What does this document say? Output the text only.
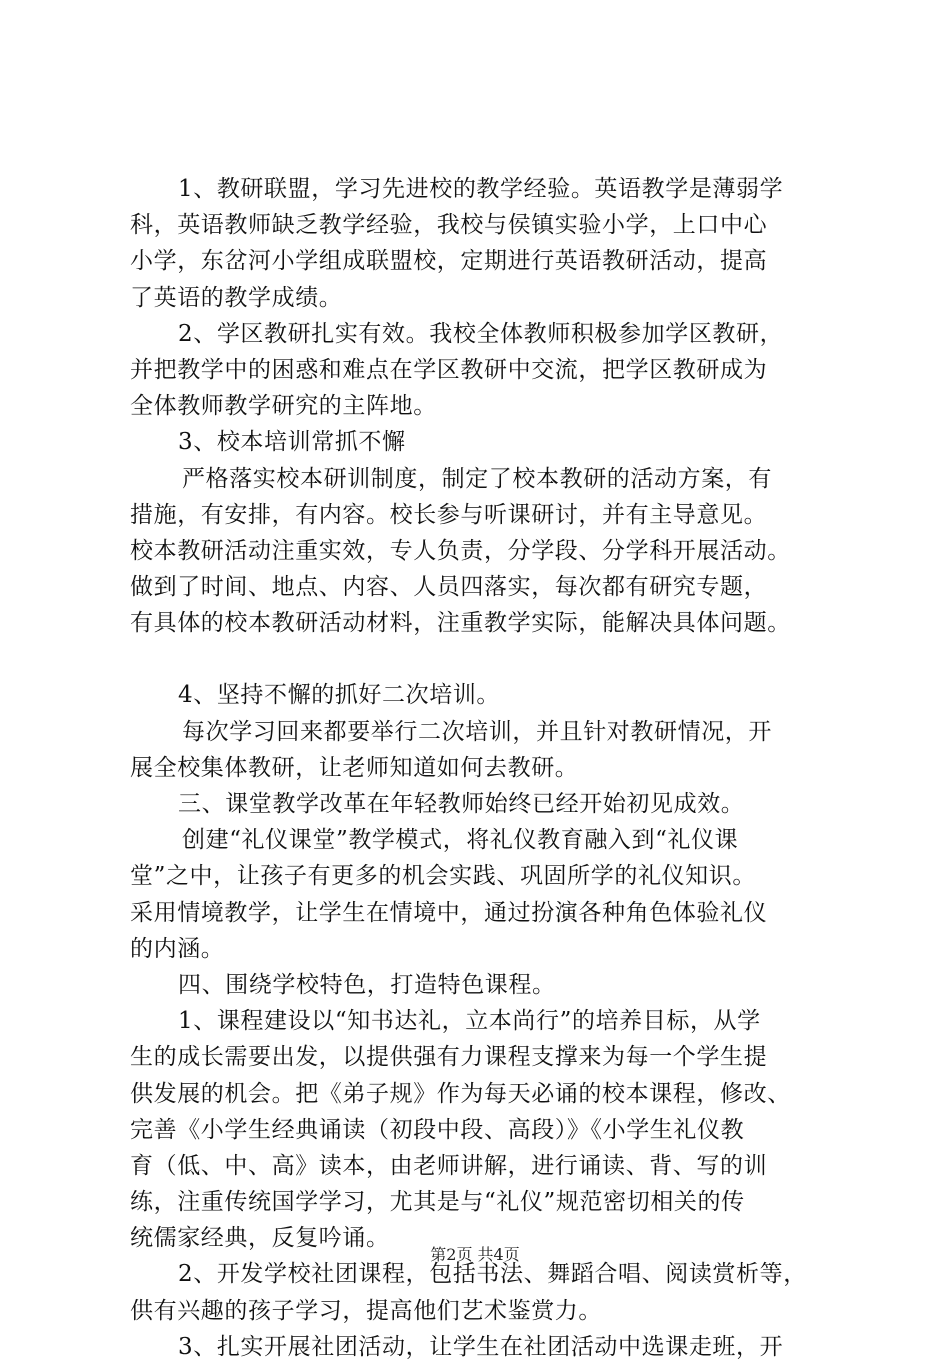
1、教研联盟，学习先进校的教学经验。英语教学是薄弱学
科，英语教师缺乏教学经验，我校与侯镇实验小学，上口中心
小学，东岔河小学组成联盟校，定期进行英语教研活动，提高
了英语的教学成绩。
2、学区教研扎实有效。我校全体教师积极参加学区教研，
并把教学中的困惑和难点在学区教研中交流，把学区教研成为
全体教师教学研究的主阵地。
3、校本培训常抓不懈
严格落实校本研训制度，制定了校本教研的活动方案，有
措施，有安排，有内容。校长参与听课研讨，并有主导意见。
校本教研活动注重实效，专人负责，分学段、分学科开展活动。
做到了时间、地点、内容、人员四落实，每次都有研究专题，
有具体的校本教研活动材料，注重教学实际，能解决具体问题。
4、坚持不懈的抓好二次培训。
每次学习回来都要举行二次培训，并且针对教研情况，开
展全校集体教研，让老师知道如何去教研。
三、课堂教学改革在年轻教师始终已经开始初见成效。
创建“礼仪课堂”教学模式，将礼仪教育融入到“礼仪课
堂”之中，让孩子有更多的机会实践、巩固所学的礼仪知识。
采用情境教学，让学生在情境中，通过扮演各种角色体验礼仪
的内涵。
四、围绕学校特色，打造特色课程。
1、课程建设以“知书达礼，立本尚行”的培养目标，从学
生的成长需要出发，以提供强有力课程支撑来为每一个学生提
供发展的机会。把《弟子规》作为每天必诵的校本课程，修改、
完善《小学生经典诵读（初段中段、高段）》《小学生礼仪教
育（低、中、高》读本，由老师讲解，进行诵读、背、写的训
练，注重传统国学学习，尤其是与“礼仪”规范密切相关的传
统儒家经典，反复吟诵。
2、开发学校社团课程，包括书法、舞蹈合唱、阅读赏析等，
供有兴趣的孩子学习，提高他们艺术鉴赏力。
3、扎实开展社团活动，让学生在社团活动中选课走班，开
第2页 共4页
